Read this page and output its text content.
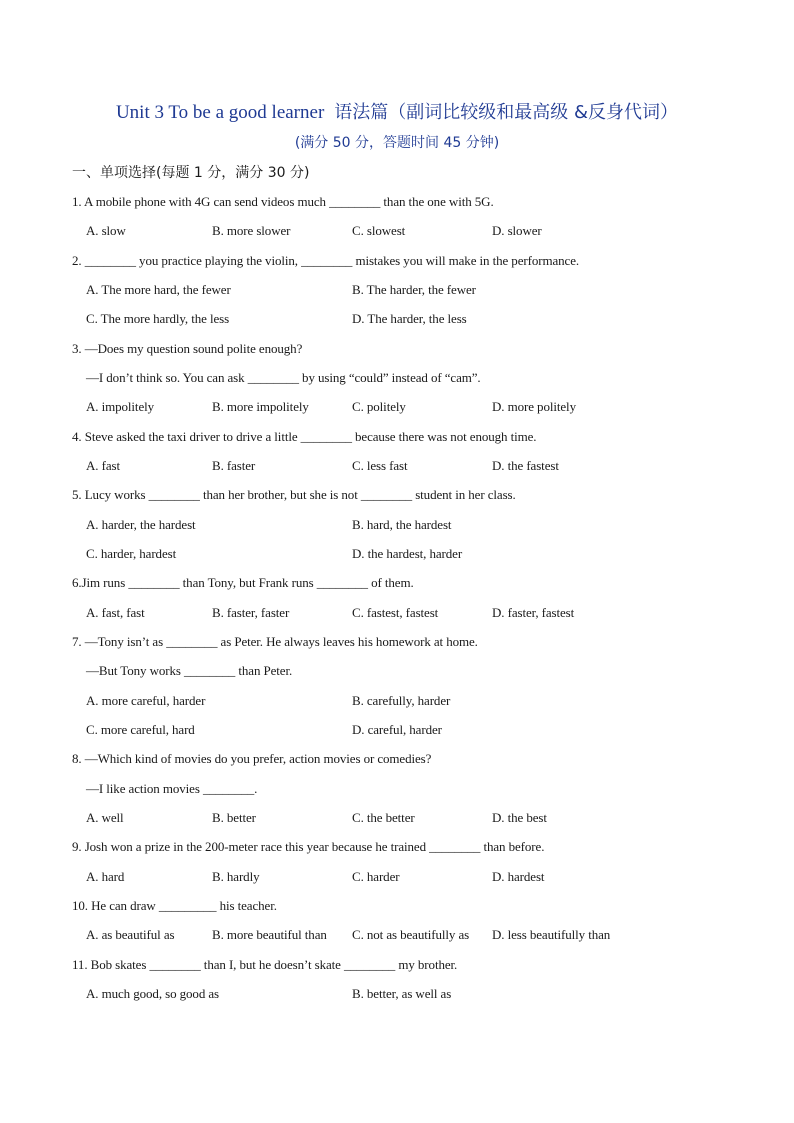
Unit 3 To be a good learner 语法篇（副词比较级和最高级 &反身代词）
(满分 50 分，答题时间 45 分钟)
一、单项选择(每题 1 分，满分 30 分)
1. A mobile phone with 4G can send videos much ________ than the one with 5G.
A. slow	B. more slower	C. slowest	D. slower
2. ________ you practice playing the violin, ________ mistakes you will make in the performance.
A. The more hard, the fewer	B. The harder, the fewer
C. The more hardly, the less	D. The harder, the less
3. —Does my question sound polite enough?
—I don’t think so. You can ask ________ by using “could” instead of “cam”.
A. impolitely	B. more impolitely	C. politely	D. more politely
4. Steve asked the taxi driver to drive a little ________ because there was not enough time.
A. fast	B. faster	C. less fast	D. the fastest
5. Lucy works ________ than her brother, but she is not ________ student in her class.
A. harder, the hardest	B. hard, the hardest
C. harder, hardest	D. the hardest, harder
6.Jim runs ________ than Tony, but Frank runs ________ of them.
A. fast, fast	B. faster, faster	C. fastest, fastest	D. faster, fastest
7. —Tony isn’t as ________ as Peter. He always leaves his homework at home.
—But Tony works ________ than Peter.
A. more careful, harder	B. carefully, harder
C. more careful, hard	D. careful, harder
8. —Which kind of movies do you prefer, action movies or comedies?
—I like action movies ________.
A. well	B. better	C. the better	D. the best
9. Josh won a prize in the 200-meter race this year because he trained ________ than before.
A. hard	B. hardly	C. harder	D. hardest
10. He can draw _________ his teacher.
A. as beautiful as	B. more beautiful than C. not as beautifully as D. less beautifully than
11. Bob skates ________ than I, but he doesn’t skate ________ my brother.
A. much good, so good as	B. better, as well as
